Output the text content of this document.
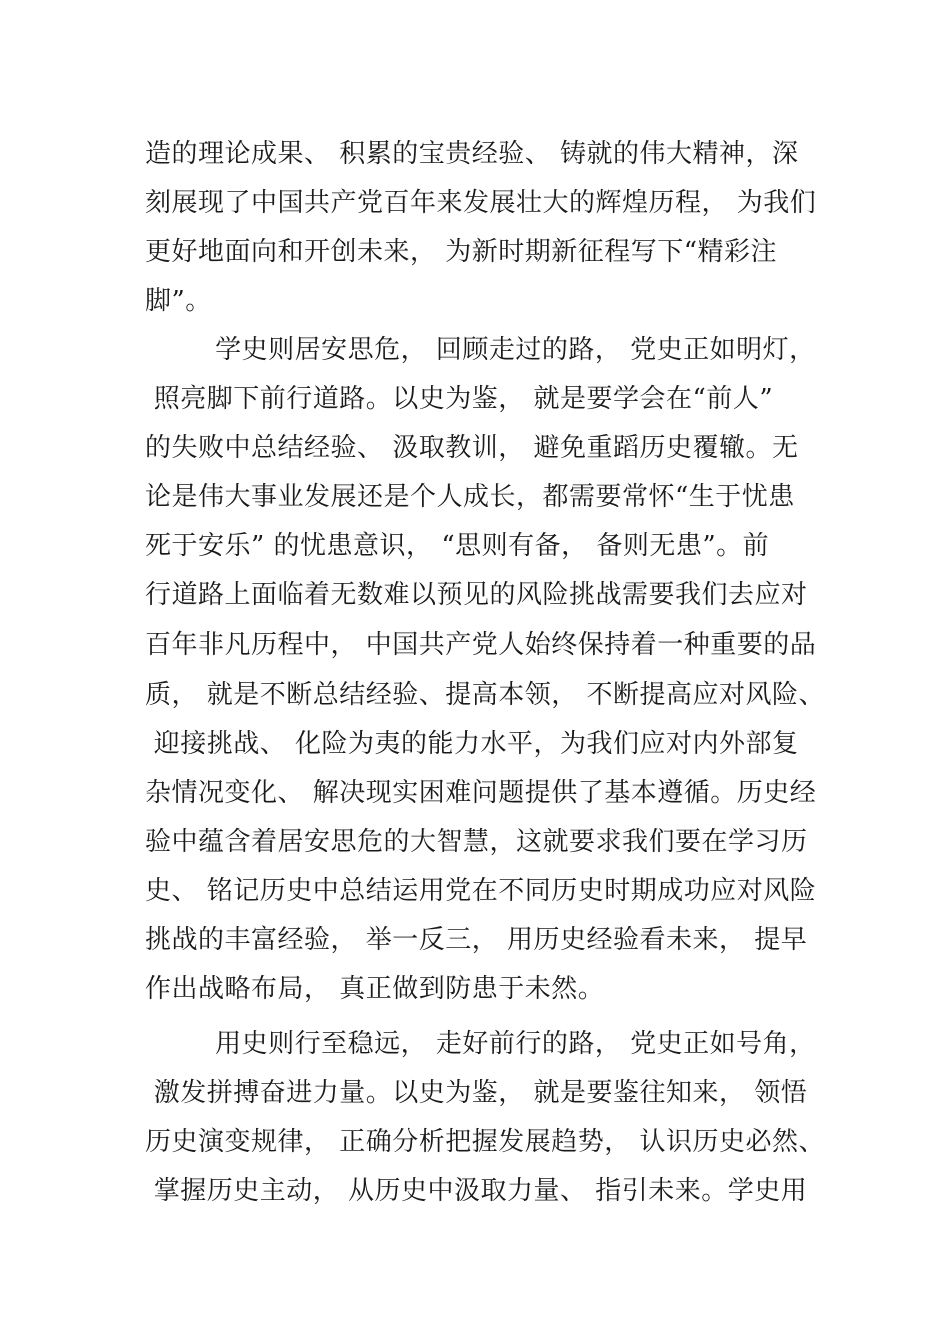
造的理论成果、 积累的宝贵经验、 铸就的伟大精神，深
刻展现了中国共产党百年来发展壮大的辉煌历程， 为我们
更好地面向和开创未来， 为新时期新征程写下“精彩注
脚”。
学史则居安思危， 回顾走过的路， 党史正如明灯，
照亮脚下前行道路。以史为鉴， 就是要学会在“前人”
的失败中总结经验、 汲取教训， 避免重蹈历史覆辙。无
论是伟大事业发展还是个人成长，都需要常怀“生于忧患
死于安乐” 的忧患意识， “思则有备， 备则无患”。前
行道路上面临着无数难以预见的风险挑战需要我们去应对
百年非凡历程中， 中国共产党人始终保持着一种重要的品
质， 就是不断总结经验、提高本领， 不断提高应对风险、
迎接挑战、 化险为夷的能力水平，为我们应对内外部复
杂情况变化、 解决现实困难问题提供了基本遵循。历史经
验中蕴含着居安思危的大智慧，这就要求我们要在学习历
史、 铭记历史中总结运用党在不同历史时期成功应对风险
挑战的丰富经验， 举一反三， 用历史经验看未来， 提早
作出战略布局， 真正做到防患于未然。
用史则行至稳远， 走好前行的路， 党史正如号角，
激发拼搏奋进力量。以史为鉴， 就是要鉴往知来， 领悟
历史演变规律， 正确分析把握发展趋势， 认识历史必然、
掌握历史主动， 从历史中汲取力量、 指引未来。学史用
